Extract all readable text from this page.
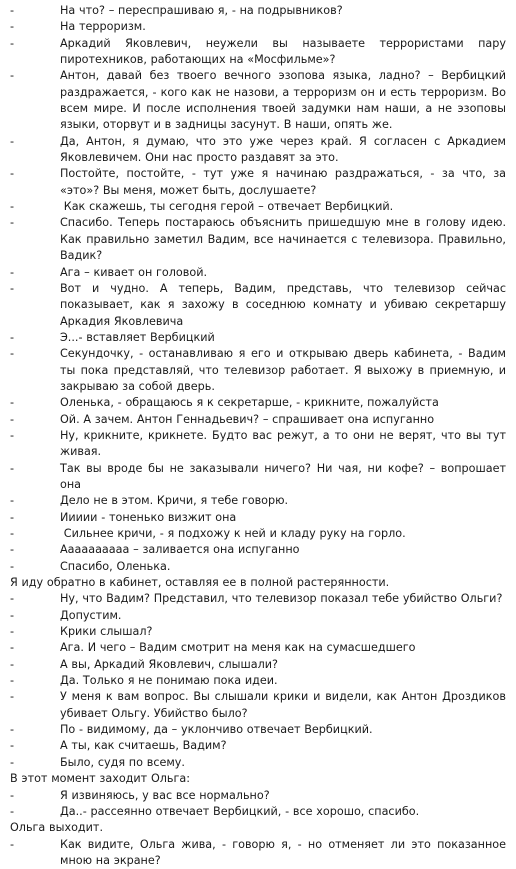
-	На что? – переспрашиваю я, - на подрывников?

-	На терроризм.

-	Аркадий Яковлевич, неужели вы называете террористами пару пиротехников, работающих на «Мосфильме»?

-	Антон, давай без твоего вечного эзопова языка, ладно? – Вербицкий раздражается, - кого как не назови, а терроризм он и есть терроризм. Во всем мире. И после исполнения твоей задумки нам наши, а не эзоповы языки, оторвут и в задницы засунут. В наши, опять же.

-	Да, Антон, я думаю, что это уже через край. Я согласен с Аркадием Яковлевичем. Они нас просто раздавят за это.

-	Постойте, постойте, - тут уже я начинаю раздражаться, - за что, за «это»? Вы меня, может быть, дослушаете?

-	Как скажешь, ты сегодня герой – отвечает Вербицкий.

-	Спасибо. Теперь постараюсь объяснить пришедшую мне в голову идею. Как правильно заметил Вадим, все начинается с телевизора. Правильно, Вадик?

-	Ага – кивает он головой.

-	Вот и чудно. А теперь, Вадим, представь, что телевизор сейчас показывает, как я захожу в соседнюю комнату и убиваю секретаршу Аркадия Яковлевича

-	Э...- вставляет Вербицкий

-	Секундочку, - останавливаю я его и открываю дверь кабинета, - Вадим ты пока представляй, что телевизор работает. Я выхожу в приемную, и закрываю за собой дверь.

-	Оленька, - обращаюсь я к секретарше, - крикните, пожалуйста

-	Ой. А зачем. Антон Геннадьевич? – спрашивает она испуганно

-	Ну, крикните, крикнете. Будто вас режут, а то они не верят, что вы тут живая.

-	Так вы вроде бы не заказывали ничего? Ни чая, ни кофе? – вопрошает она

-	Дело не в этом. Кричи, я тебе говорю.

-	Иииии - тоненько визжит она

-	Сильнее кричи, - я подхожу к ней и кладу руку на горло.

-	Аааааааааа – заливается она испуганно

-	Спасибо, Оленька.

Я иду обратно в кабинет, оставляя ее в полной растерянности.

-	Ну, что Вадим? Представил, что телевизор показал тебе убийство Ольги?

-	Допустим.

-	Крики слышал?

-	Ага. И чего – Вадим смотрит на меня как на сумасшедшего

-	А вы, Аркадий Яковлевич, слышали?

-	Да. Только я не понимаю пока идеи.

-	У меня к вам вопрос. Вы слышали крики и видели, как Антон Дроздиков убивает Ольгу. Убийство было?

-	По - видимому, да – уклончиво отвечает Вербицкий.

-	А ты, как считаешь, Вадим?

-	Было, судя по всему.

В этот момент заходит Ольга:

-	Я извиняюсь, у вас все нормально?

-	Да..- рассеянно отвечает Вербицкий, - все хорошо, спасибо.

Ольга выходит.

-	Как видите, Ольга жива, - говорю я, - но отменяет ли это показанное мною на экране?
